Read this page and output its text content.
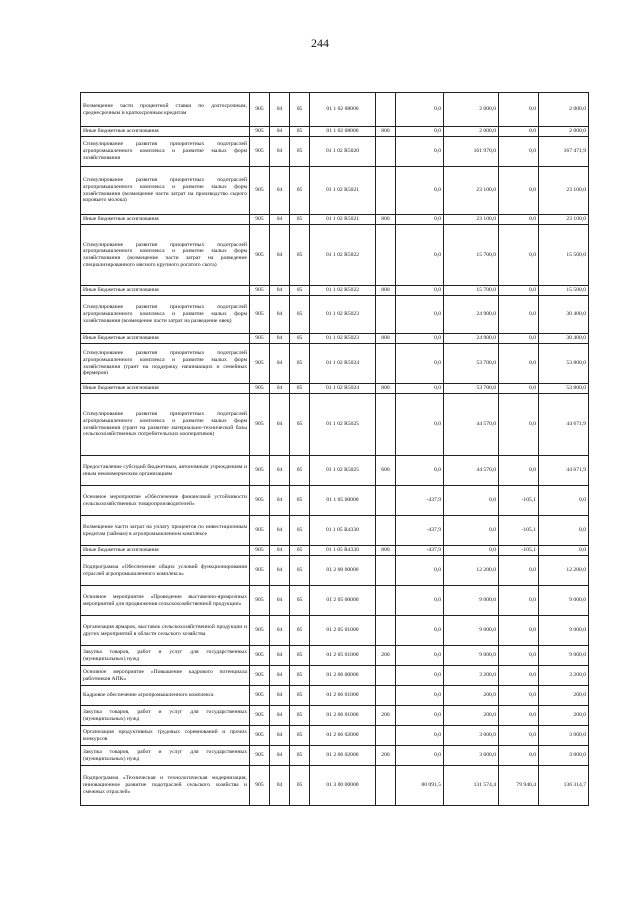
244
Возмещение части процентной ставки по долгосрочным, среднесрочным и краткосрочным кредитам	905	04	05	01 1 02 08000		0,0	2 000,0	0,0	2 000,0
Иные бюджетные ассигнования	905	04	05	01 1 02 08000	800	0,0	2 000,0	0,0	2 000,0
Стимулирование развития приоритетных подотраслей агропромышленного комплекса и развитие малых форм хозяйствования	905	04	05	01 1 02 R5020		0,0	161 970,0	0,0	167 471,9
Стимулирование развития приоритетных подотраслей агропромышленного комплекса и развитие малых форм хозяйствования (возмещение части затрат на производство сырого коровьего молока)	905	04	05	01 1 02 R5021		0,0	23 100,0	0,0	23 100,0
Иные бюджетные ассигнования	905	04	05	01 1 02 R5021	800	0,0	23 100,0	0,0	23 100,0
Стимулирование развития приоритетных подотраслей агропромышленного комплекса и развитие малых форм хозяйствования (возмещение части затрат на разведение специализированного мясного крупного рогатого скота)	905	04	05	01 1 02 R5022		0,0	15 700,0	0,0	15 500,0
Иные бюджетные ассигнования	905	04	05	01 1 02 R5022	800	0,0	15 700,0	0,0	15 500,0
Стимулирование развития приоритетных подотраслей агропромышленного комплекса и развитие малых форм хозяйствования (возмещение части затрат на разведение овец)	905	04	05	01 1 02 R5023		0,0	24 900,0	0,0	30 400,0
Иные бюджетные ассигнования	905	04	05	01 1 02 R5023	800	0,0	24 900,0	0,0	30 400,0
Стимулирование развития приоритетных подотраслей агропромышленного комплекса и развитие малых форм хозяйствования (грант на поддержку начинающих и семейных фермеров)	905	04	05	01 1 02 R5024		0,0	53 700,0	0,0	53 800,0
Иные бюджетные ассигнования	905	04	05	01 1 02 R5024	800	0,0	53 700,0	0,0	53 800,0
Стимулирование развития приоритетных подотраслей агропромышленного комплекса и развитие малых форм хозяйствования (грант на развитие материально-технической базы сельскохозяйственных потребительских кооперативов)	905	04	05	01 1 02 R5025		0,0	44 570,0	0,0	44 671,9
Предоставление субсидий бюджетным, автономным учреждениям и иным некоммерческим организациям	905	04	05	01 1 02 R5025	600	0,0	44 570,0	0,0	44 671,9
Основное мероприятие «Обеспечение финансовой устойчивости сельскохозяйственных товаропроизводителей»	905	04	05	01 1 05 00000		-437,9	0,0	-105,1	0,0
Возмещение части затрат на уплату процентов по инвестиционным кредитам (займам) в агропромышленном комплексе	905	04	05	01 1 05 R4330		-437,9	0,0	-105,1	0,0
Иные бюджетные ассигнования	905	04	05	01 1 05 R4330	800	-437,9	0,0	-105,1	0,0
Подпрограмма «Обеспечение общих условий функционирования отраслей агропромышленного комплекса»	905	04	05	01 2 00 00000		0,0	12 200,0	0,0	12 200,0
Основное мероприятие «Проведение выставочно-ярмарочных мероприятий для продвижения сельскохозяйственной продукции»	905	04	05	01 2 05 00000		0,0	9 000,0	0,0	9 000,0
Организация ярмарок, выставок сельскохозяйственной продукции и других мероприятий в области сельского хозяйства	905	04	05	01 2 05 01000		0,0	9 000,0	0,0	9 000,0
Закупка товаров, работ и услуг для государственных (муниципальных) нужд	905	04	05	01 2 05 01000	200	0,0	9 000,0	0,0	9 000,0
Основное мероприятие «Повышение кадрового потенциала работников АПК»	905	04	05	01 2 06 00000		0,0	3 200,0	0,0	3 200,0
Кадровое обеспечение агропромышленного комплекса	905	04	05	01 2 06 01000		0,0	200,0	0,0	200,0
Закупка товаров, работ и услуг для государственных (муниципальных) нужд	905	04	05	01 2 06 01000	200	0,0	200,0	0,0	200,0
Организация продуктивных трудовых соревнований и прочих конкурсов	905	04	05	01 2 06 02000		0,0	3 000,0	0,0	3 000,0
Закупка товаров, работ и услуг для государственных (муниципальных) нужд	905	04	05	01 2 06 02000	200	0,0	3 000,0	0,0	3 000,0
Подпрограмма «Техническая и технологическая модернизация, инновационное развитие подотраслей сельского хозяйства и смежных отраслей»	905	04	05	01 3 00 00000		80 091,5	131 574,4	79 940,4	136 314,7
